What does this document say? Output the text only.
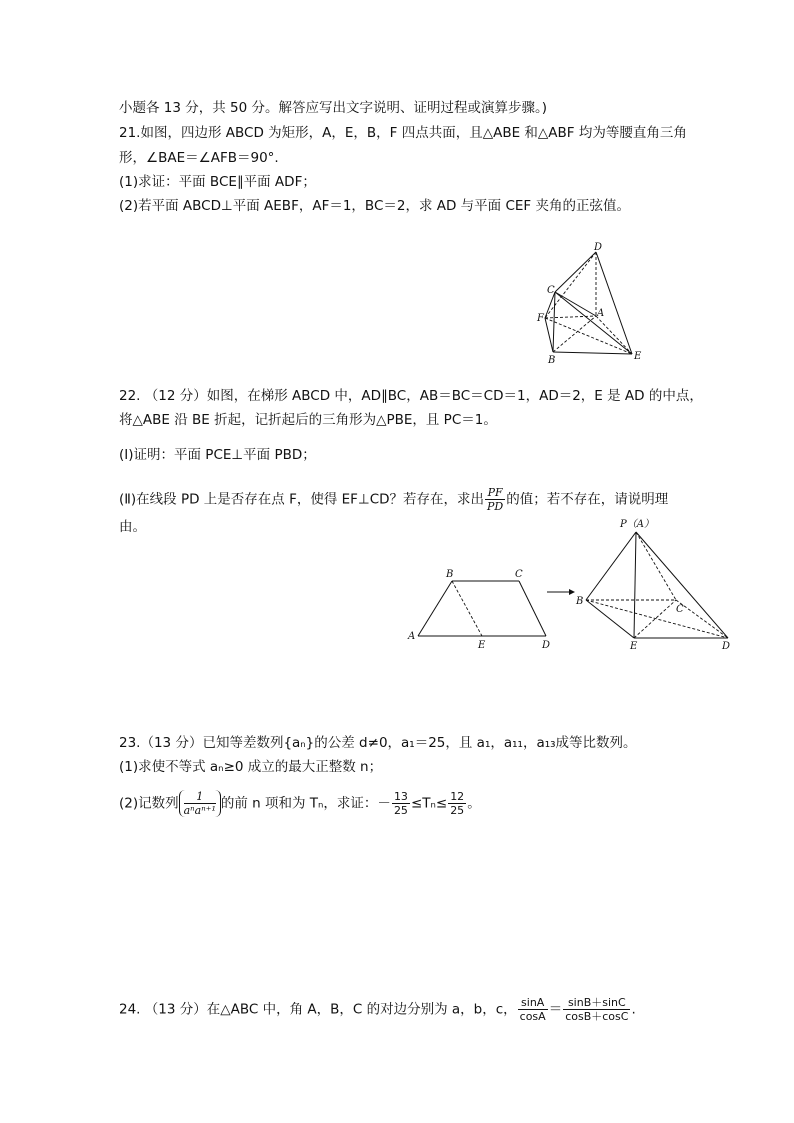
小题各 13 分，共 50 分。解答应写出文字说明、证明过程或演算步骤。)
21.如图，四边形 ABCD 为矩形，A，E，B，F 四点共面，且△ABE 和△ABF 均为等腰直角三角
形，∠BAE＝∠AFB＝90°.
(1)求证：平面 BCE∥平面 ADF；
(2)若平面 ABCD⊥平面 AEBF，AF＝1，BC＝2，求 AD 与平面 CEF 夹角的正弦值。
D
C
A
F
B	E
22. （12 分）如图，在梯形 ABCD 中，AD∥BC，AB＝BC＝CD＝1，AD＝2，E 是 AD 的中点，
将△ABE 沿 BE 折起，记折起后的三角形为△PBE，且 PC＝1。
(Ⅰ)证明：平面 PCE⊥平面 PBD；
(Ⅱ)在线段 PD 上是否存在点 F，使得 EF⊥CD？若存在，求出 $\frac{PF}{PD}$ 的值；若不存在，请说明理
由。
B	C
A
E	D
P（A）
B
C
E	D
23.（13 分）已知等差数列{aₙ}的公差 d≠0，a₁＝25，且 a₁，a₁₁，a₁₃成等比数列。
(1)求使不等式 aₙ≥0 成立的最大正整数 n；
(2)记数列	1
aⁿaⁿ⁺¹ 的前 n 项和为 Tₙ，求证：－ $\frac{13}{25} \le T_n\le \frac{12}{25}$ 。
24. （13 分）在△ABC 中，角 A，B，C 的对边分别为 a，b，c， $\frac{\sin A}{\cos A} = \frac{\sin B+\sin C}{\cos B+\cos C}$ .
